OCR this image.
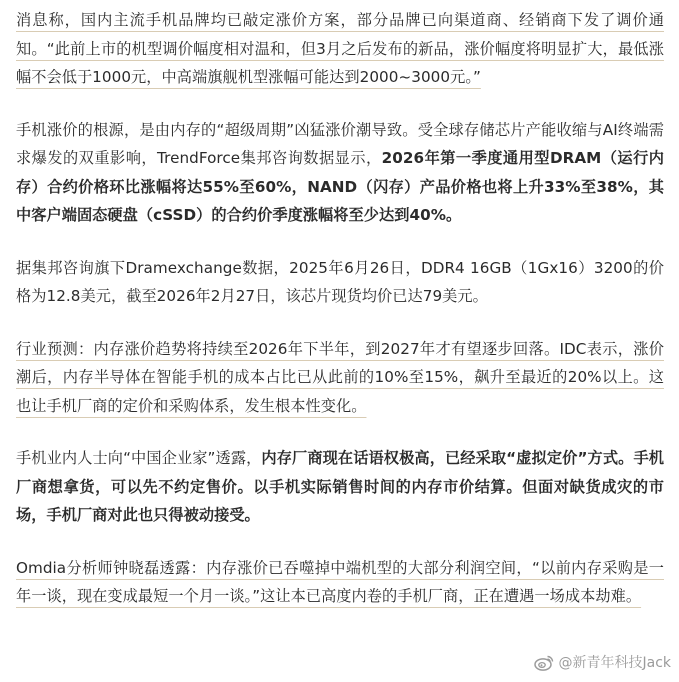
消息称，国内主流手机品牌均已敲定涨价方案，部分品牌已向渠道商、经销商下发了调价通知。“此前上市的机型调价幅度相对温和，但3月之后发布的新品，涨价幅度将明显扩大，最低涨幅不会低于1000元，中高端旗舰机型涨幅可能达到2000~3000元。”

手机涨价的根源，是由内存的“超级周期”凶猛涨价潮导致。受全球存储芯片产能收缩与AI终端需求爆发的双重影响，TrendForce集邦咨询数据显示，2026年第一季度通用型DRAM（运行内存）合约价格环比涨幅将达55%至60%，NAND（闪存）产品价格也将上升33%至38%，其中客户端固态硬盘（cSSD）的合约价季度涨幅将至少达到40%。

据集邦咨询旗下Dramexchange数据，2025年6月26日，DDR4 16GB（1Gx16）3200的价格为12.8美元，截至2026年2月27日，该芯片现货均价已达79美元。

行业预测：内存涨价趋势将持续至2026年下半年，到2027年才有望逐步回落。IDC表示，涨价潮后，内存半导体在智能手机的成本占比已从此前的10%至15%，飙升至最近的20%以上。这也让手机厂商的定价和采购体系，发生根本性变化。

手机业内人士向“中国企业家”透露，内存厂商现在话语权极高，已经采取“虚拟定价”方式。手机厂商想拿货，可以先不约定售价。以手机实际销售时间的内存市价结算。但面对缺货成灾的市场，手机厂商对此也只得被动接受。

Omdia分析师钟晓磊透露：内存涨价已吞噬掉中端机型的大部分利润空间，“以前内存采购是一年一谈，现在变成最短一个月一谈。”这让本已高度内卷的手机厂商，正在遭遇一场成本劫难。

@新青年科技Jack
